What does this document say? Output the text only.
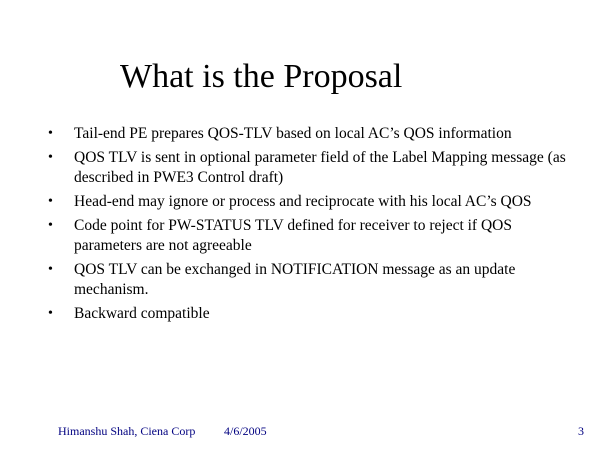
What is the Proposal
• Tail-end PE prepares QOS-TLV based on local AC’s QOS information
• QOS TLV is sent in optional parameter field of the Label Mapping message (as described in PWE3 Control draft)
• Head-end may ignore or process and reciprocate with his local AC’s QOS
• Code point for PW-STATUS TLV defined for receiver to reject if QOS parameters are not agreeable
• QOS TLV can be exchanged in NOTIFICATION message as an update mechanism.
• Backward compatible
Himanshu Shah, Ciena Corp 4/6/2005	3
